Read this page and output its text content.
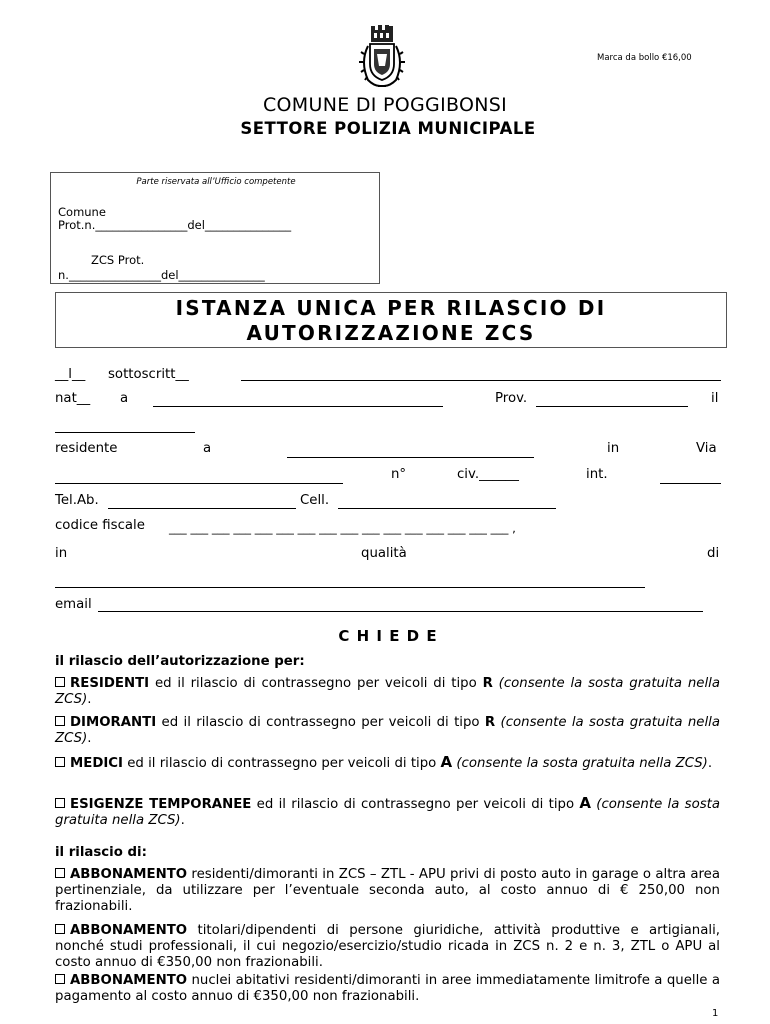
Marca da bollo €16,00
COMUNE DI POGGIBONSI
SETTORE POLIZIA MUNICIPALE
Parte riservata all’Ufficio competente
Comune
Prot.n.________________del_______________
ZCS Prot.
n.________________del_______________
ISTANZA UNICA PER RILASCIO DI
AUTORIZZAZIONE ZCS
__l__ sottoscritt__
nat__ a	Prov.	il
residente	a	in	Via
n°	civ.______	int.
Tel.Ab.	Cell.
codice fiscale ___ ___ ___ ___ ___ ___ ___ ___ ___ ___ ___ ___ ___ ___ ___ ___ ,
in	qualità	di
email
C H I E D E
il rilascio dell’autorizzazione per:
RESIDENTI ed il rilascio di contrassegno per veicoli di tipo R (consente la sosta gratuita nella ZCS).
DIMORANTI ed il rilascio di contrassegno per veicoli di tipo R (consente la sosta gratuita nella ZCS).
MEDICI ed il rilascio di contrassegno per veicoli di tipo A (consente la sosta gratuita nella ZCS).
ESIGENZE TEMPORANEE ed il rilascio di contrassegno per veicoli di tipo A (consente la sosta gratuita nella ZCS).
il rilascio di:
ABBONAMENTO residenti/dimoranti in ZCS – ZTL - APU privi di posto auto in garage o altra area pertinenziale, da utilizzare per l’eventuale seconda auto, al costo annuo di € 250,00 non frazionabili.
ABBONAMENTO titolari/dipendenti di persone giuridiche, attività produttive e artigianali, nonché studi professionali, il cui negozio/esercizio/studio ricada in ZCS n. 2 e n. 3, ZTL o APU al costo annuo di €350,00 non frazionabili.
ABBONAMENTO nuclei abitativi residenti/dimoranti in aree immediatamente limitrofe a quelle a pagamento al costo annuo di €350,00 non frazionabili.
1
